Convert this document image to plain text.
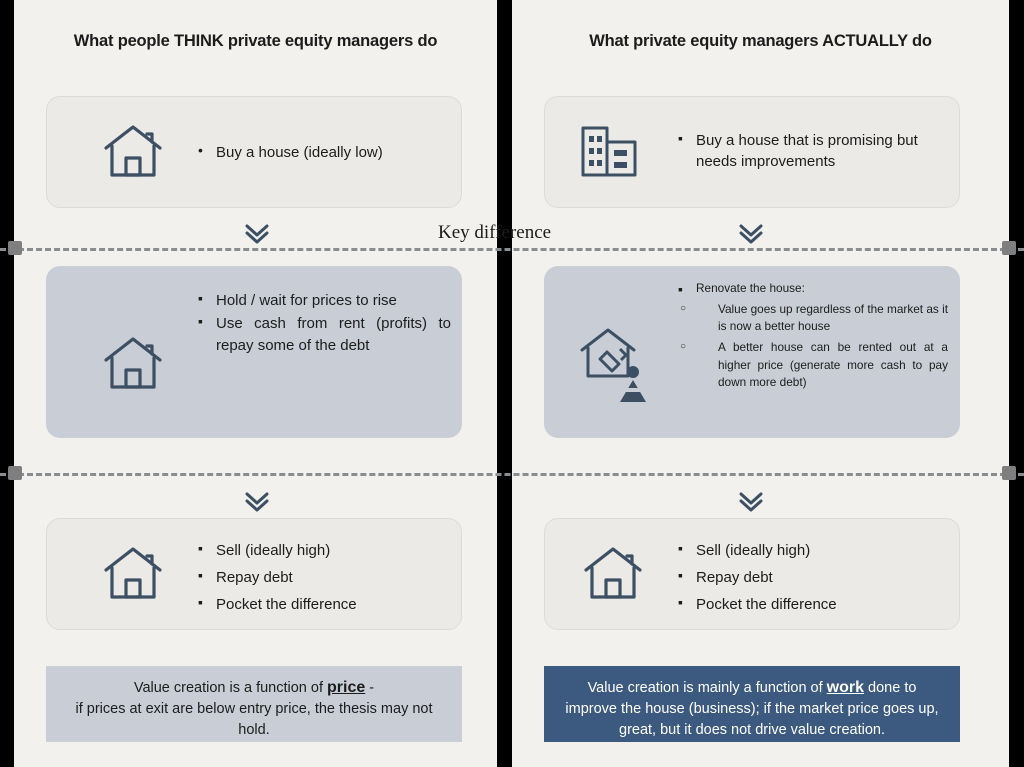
What people THINK private equity managers do	What private equity managers ACTUALLY do
• Buy a house (ideally low)
Key difference
▪ Hold / wait for prices to rise
▪ Use cash from rent (profits) to repay some of the debt
▪ Buy a house that is promising but needs improvements
▪ Renovate the house:
○ Value goes up regardless of the market as it is now a better house
○ A better house can be rented out at a higher price (generate more cash to pay down more debt)
▪ Sell (ideally high)
▪ Repay debt
▪ Pocket the difference
▪ Sell (ideally high)
▪ Repay debt
▪ Pocket the difference
Value creation is a function of price -
if prices at exit are below entry price, the thesis may not hold.
Value creation is mainly a function of work done to
improve the house (business); if the market price goes up, great, but it does not drive value creation.
